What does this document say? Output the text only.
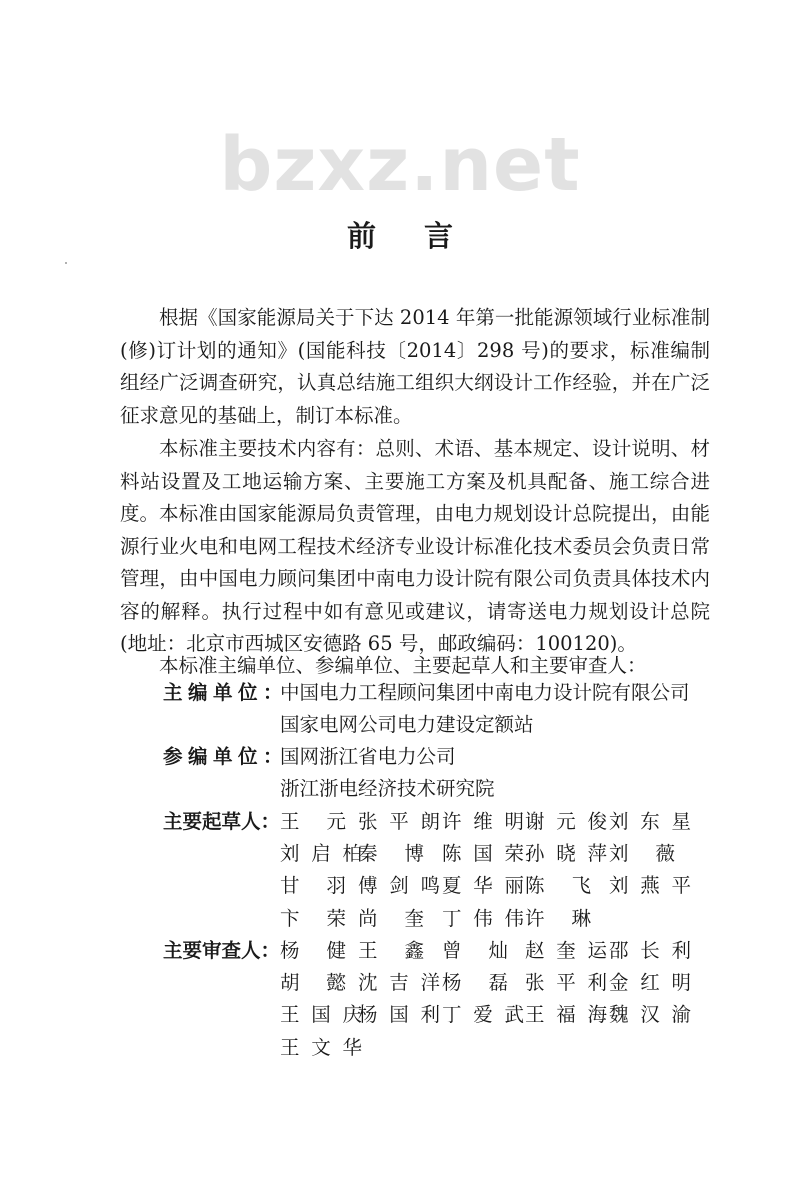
bzxz.net
前言

根据《国家能源局关于下达 2014 年第一批能源领域行业标准制(修)订计划的通知》(国能科技〔2014〕298 号)的要求，标准编制组经广泛调查研究，认真总结施工组织大纲设计工作经验，并在广泛征求意见的基础上，制订本标准。

本标准主要技术内容有：总则、术语、基本规定、设计说明、材料站设置及工地运输方案、主要施工方案及机具配备、施工综合进度。 本标准由国家能源局负责管理，由电力规划设计总院提出，由能源行业火电和电网工程技术经济专业设计标准化技术委员会负责日常管理，由中国电力顾问集团中南电力设计院有限公司负责具体技术内容的解释。执行过程中如有意见或建议，请寄送电力规划设计总院(地址：北京市西城区安德路 65 号，邮政编码：100120)。

本标准主编单位、参编单位、主要起草人和主要审查人：

主编单位：
中国电力工程顾问集团中南电力设计院有限公司
国家电网公司电力建设定额站
参编单位：
国网浙江省电力公司
浙江浙电经济技术研究院
主要起草人： 王元 张平朗 许维明 谢元俊 刘东星
刘启柏
秦博 陈国荣 孙晓萍 刘薇
甘羽 傅剑鸣 夏华丽 陈飞 刘燕平
卞荣 尚奎 丁伟伟 许琳
主要审查人： 杨健 王鑫 曾灿 赵奎运 邵长利
胡懿 沈吉洋 杨磊 张平利 金红明
王国庆
杨国利 丁爱武 王福海 魏汉渝
王文华
